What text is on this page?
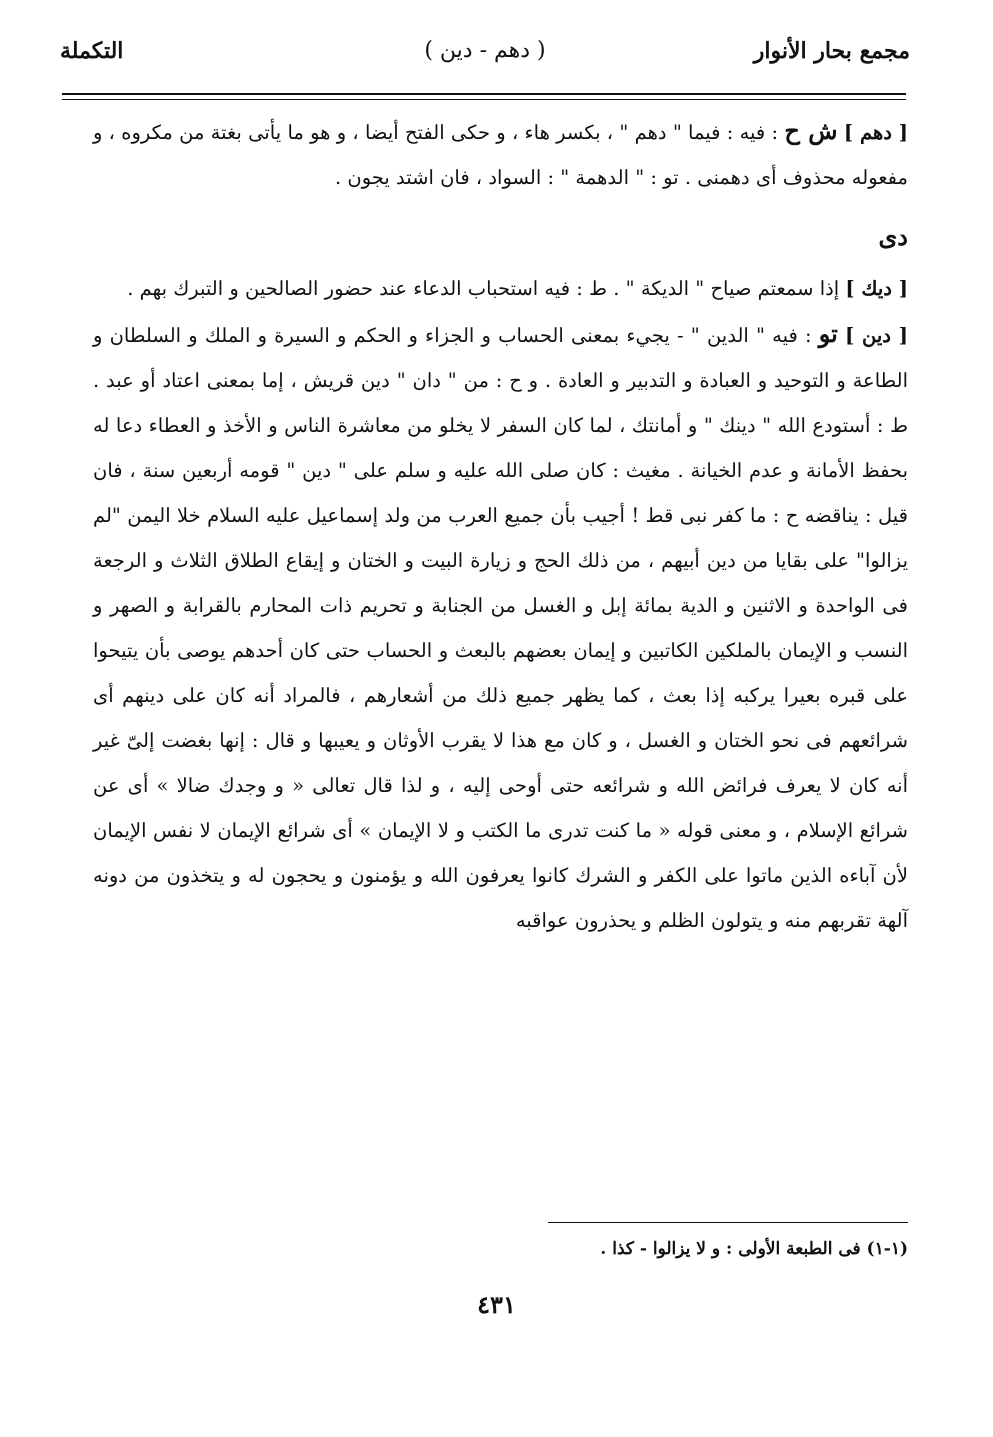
مجمع بحار الأنوار
( دهم - دين )
التكملة

[ دهم ] ش ح : فيه : فيما " دهم " ، بكسر هاء ، و حكى الفتح أيضا ، و هو ما يأتى بغتة من مكروه ، و مفعوله محذوف أى دهمنى . تو : " الدهمة " : السواد ، فان اشتد يجون .

دى

[ ديك ] إذا سمعتم صياح " الديكة " . ط : فيه استحباب الدعاء عند حضور الصالحين و التبرك بهم .

[ دين ] تو : فيه " الدين " - يجيء بمعنى الحساب و الجزاء و الحكم و السيرة و الملك و السلطان و الطاعة و التوحيد و العبادة و التدبير و العادة . و ح : من " دان " دين قريش ، إما بمعنى اعتاد أو عبد . ط : أستودع الله " دينك " و أمانتك ، لما كان السفر لا يخلو من معاشرة الناس و الأخذ و العطاء دعا له بحفظ الأمانة و عدم الخيانة . مغيث : كان صلى الله عليه و سلم على " دين " قومه أربعين سنة ، فان قيل : يناقضه ح : ما كفر نبى قط ! أجيب بأن جميع العرب من ولد إسماعيل عليه السلام خلا اليمن "لم يزالوا" على بقايا من دين أبيهم ، من ذلك الحج و زيارة البيت و الختان و إيقاع الطلاق الثلاث و الرجعة فى الواحدة و الاثنين و الدية بمائة إبل و الغسل من الجنابة و تحريم ذات المحارم بالقرابة و الصهر و النسب و الإيمان بالملكين الكاتبين و إيمان بعضهم بالبعث و الحساب حتى كان أحدهم يوصى بأن يتيحوا على قبره بعيرا يركبه إذا بعث ، كما يظهر جميع ذلك من أشعارهم ، فالمراد أنه كان على دينهم أى شرائعهم فى نحو الختان و الغسل ، و كان مع هذا لا يقرب الأوثان و يعيبها و قال : إنها بغضت إلىّ غير أنه كان لا يعرف فرائض الله و شرائعه حتى أوحى إليه ، و لذا قال تعالى « و وجدك ضالا » أى عن شرائع الإسلام ، و معنى قوله « ما كنت تدرى ما الكتب و لا الإيمان » أى شرائع الإيمان لا نفس الإيمان لأن آباءه الذين ماتوا على الكفر و الشرك كانوا يعرفون الله و يؤمنون و يحجون له و يتخذون من دونه آلهة تقربهم منه و يتولون الظلم و يحذرون عواقبه

(١-١) فى الطبعة الأولى : و لا يزالوا - كذا .
٤٣١
